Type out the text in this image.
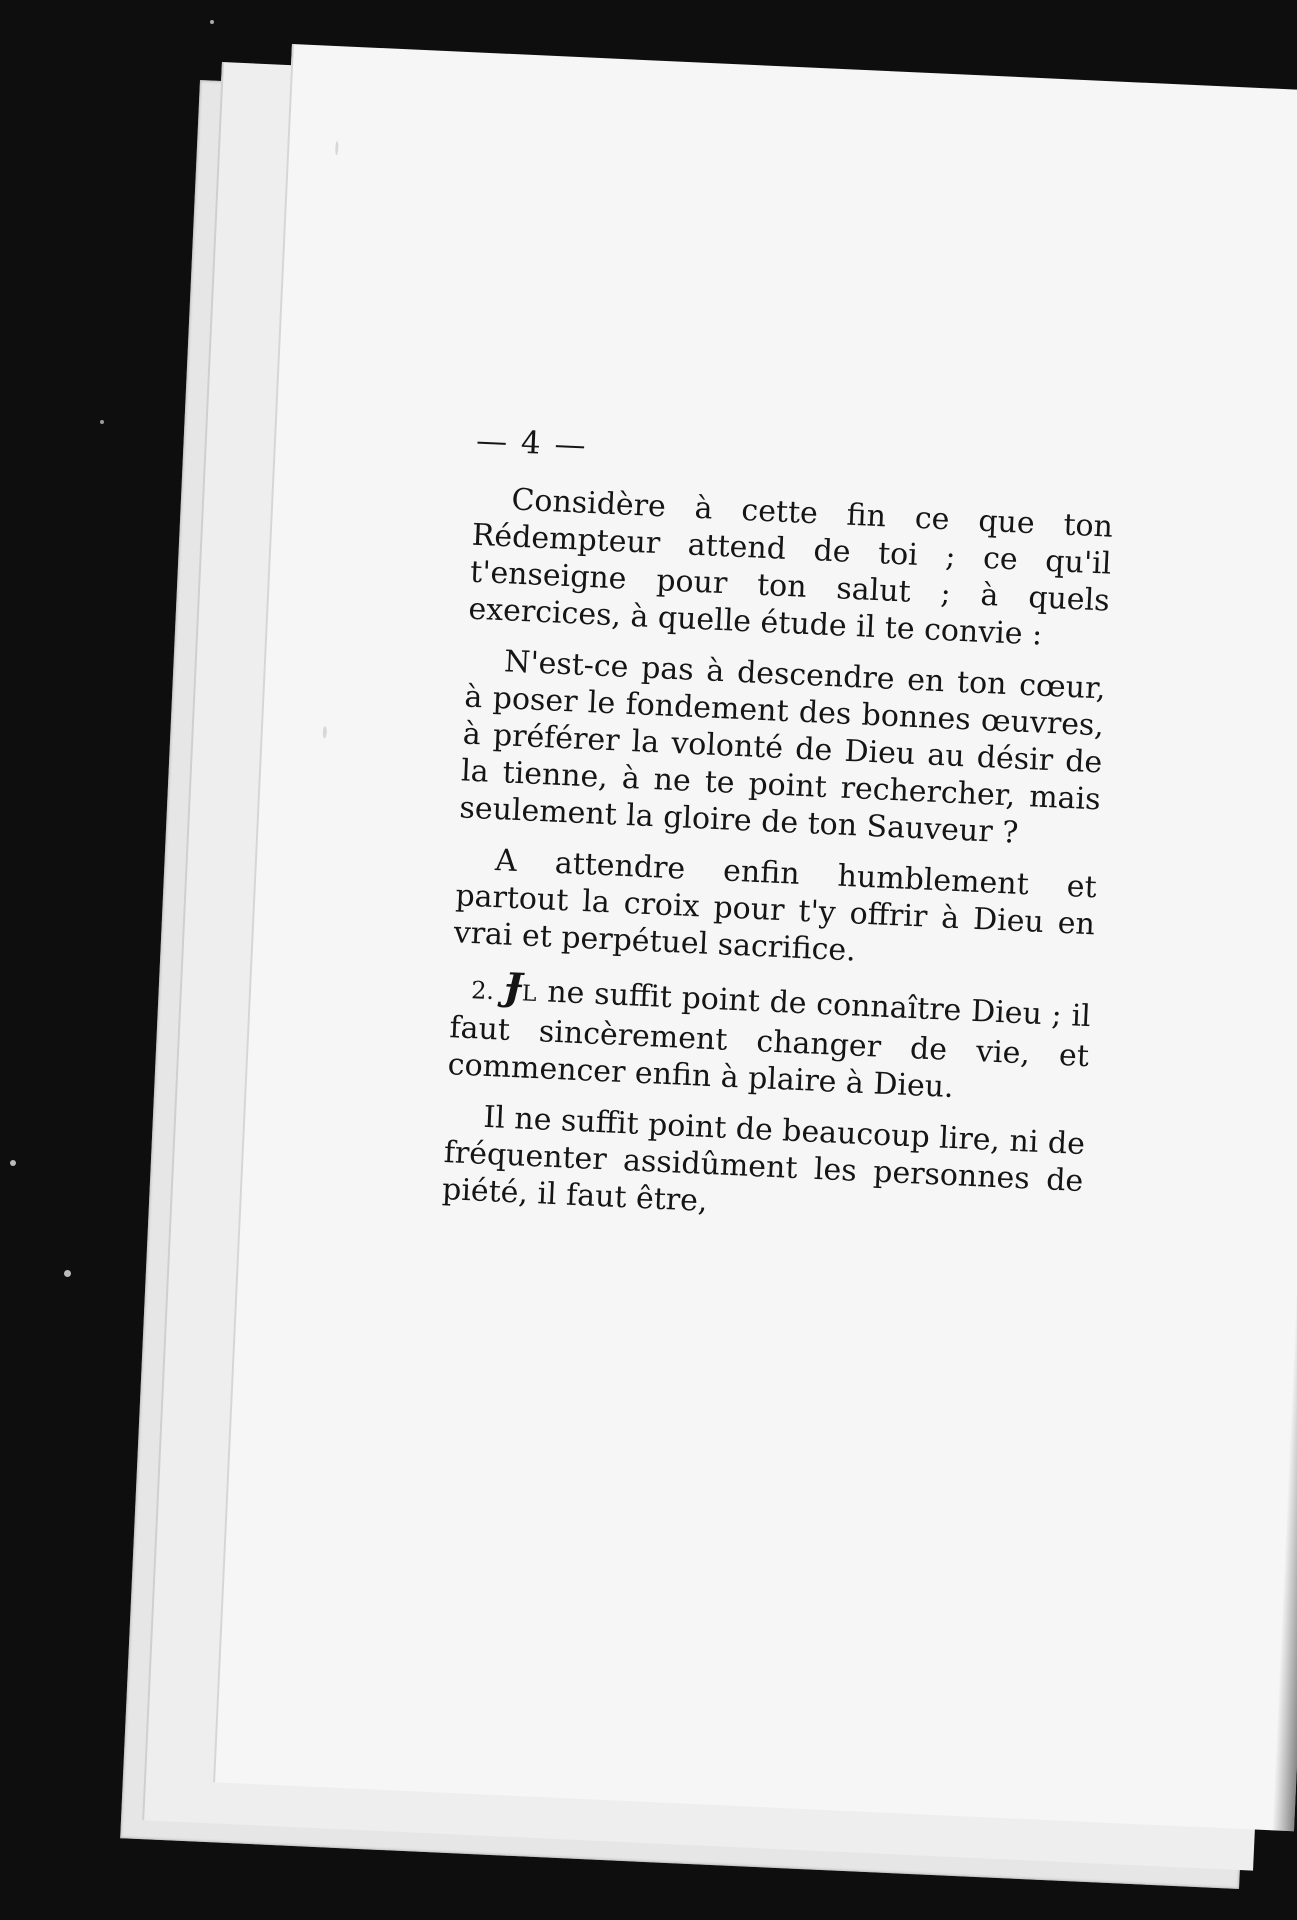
— 4 —

Considère à cette fin ce que ton Rédempteur attend de toi ; ce qu'il t'enseigne pour ton salut ; à quels exercices, à quelle étude il te convie :

N'est-ce pas à descendre en ton cœur, à poser le fondement des bonnes œuvres, à préférer la volonté de Dieu au désir de la tienne, à ne te point rechercher, mais seulement la gloire de ton Sauveur ?

A attendre enfin humblement et partout la croix pour t'y offrir à Dieu en vrai et perpétuel sacrifice.

2. ɈL ne suffit point de connaître Dieu ; il faut sincèrement changer de vie, et commencer enfin à plaire à Dieu.

Il ne suffit point de beaucoup lire, ni de fréquenter assidûment les personnes de piété, il faut être,
